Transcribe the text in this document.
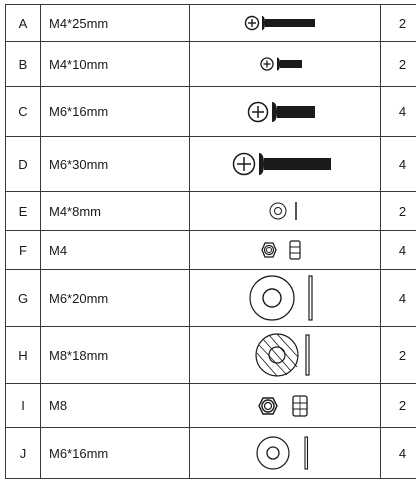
A	M4*25mm		2
B	M4*10mm		2
C	M6*16mm		4
D	M6*30mm		4
E	M4*8mm		2
F	M4		4
G	M6*20mm		4
H	M8*18mm		2
I	M8		2
J	M6*16mm		4
